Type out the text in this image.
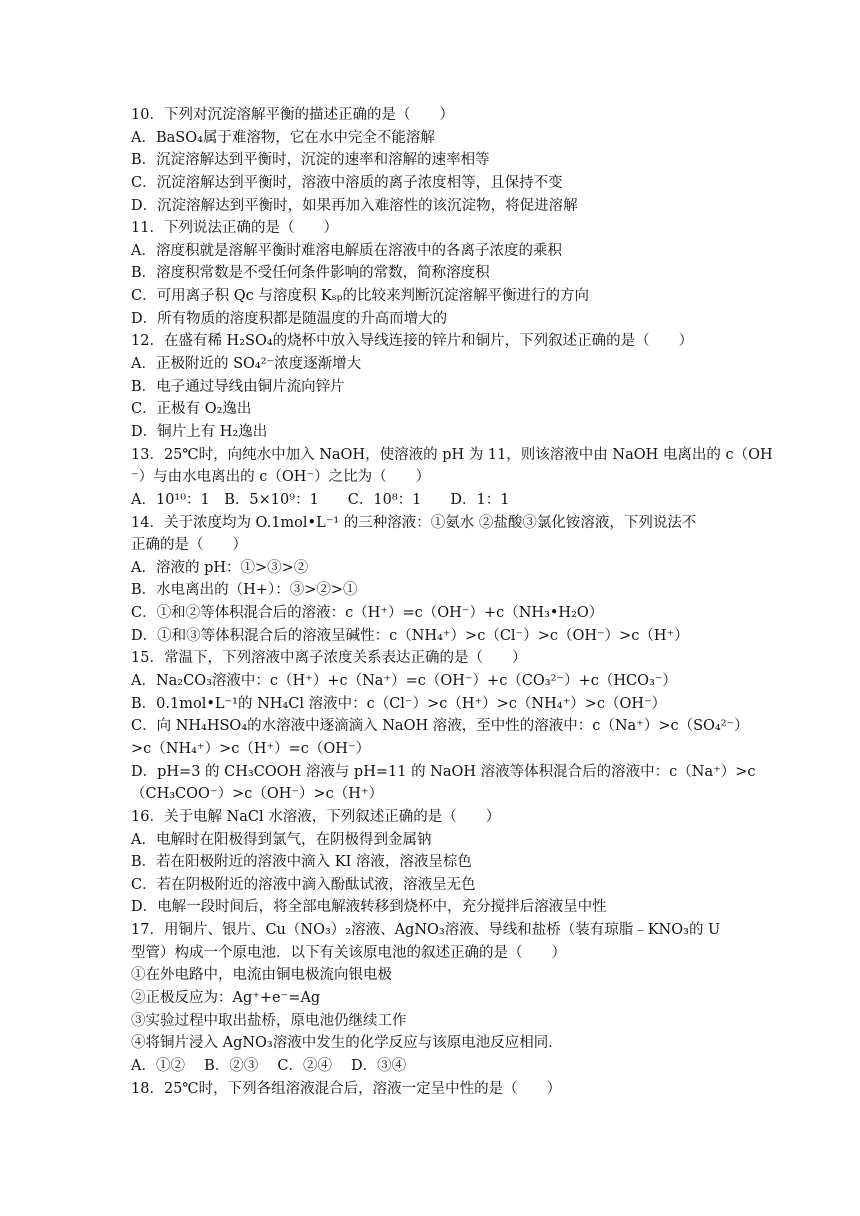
10．下列对沉淀溶解平衡的描述正确的是（　　）
A．BaSO₄属于难溶物，它在水中完全不能溶解
B．沉淀溶解达到平衡时，沉淀的速率和溶解的速率相等
C．沉淀溶解达到平衡时，溶液中溶质的离子浓度相等，且保持不变
D．沉淀溶解达到平衡时，如果再加入难溶性的该沉淀物，将促进溶解
11．下列说法正确的是（　　）
A．溶度积就是溶解平衡时难溶电解质在溶液中的各离子浓度的乘积
B．溶度积常数是不受任何条件影响的常数，简称溶度积
C．可用离子积 Qc 与溶度积 Kₛₚ的比较来判断沉淀溶解平衡进行的方向
D．所有物质的溶度积都是随温度的升高而增大的
12．在盛有稀 H₂SO₄的烧杯中放入导线连接的锌片和铜片，下列叙述正确的是（　　）
A．正极附近的 SO₄²⁻浓度逐渐增大
B．电子通过导线由铜片流向锌片
C．正极有 O₂逸出
D．铜片上有 H₂逸出
13．25℃时，向纯水中加入 NaOH，使溶液的 pH 为 11，则该溶液中由 NaOH 电离出的 c（OH
⁻）与由水电离出的 c（OH⁻）之比为（　　）
A．10¹⁰：1　B．5×10⁹：1　　C．10⁸：1　　D．1：1
14．关于浓度均为 O.1mol•L⁻¹ 的三种溶液：①氨水 ②盐酸③氯化铵溶液，下列说法不
正确的是（　　）
A．溶液的 pH：①>③>②
B．水电离出的（H+）：③>②>①
C．①和②等体积混合后的溶液：c（H⁺）=c（OH⁻）+c（NH₃•H₂O）
D．①和③等体积混合后的溶液呈碱性：c（NH₄⁺）>c（Cl⁻）>c（OH⁻）>c（H⁺）
15．常温下，下列溶液中离子浓度关系表达正确的是（　　）
A．Na₂CO₃溶液中：c（H⁺）+c（Na⁺）=c（OH⁻）+c（CO₃²⁻）+c（HCO₃⁻）
B．0.1mol•L⁻¹的 NH₄Cl 溶液中：c（Cl⁻）>c（H⁺）>c（NH₄⁺）>c（OH⁻）
C．向 NH₄HSO₄的水溶液中逐滴滴入 NaOH 溶液，至中性的溶液中：c（Na⁺）>c（SO₄²⁻）
>c（NH₄⁺）>c（H⁺）=c（OH⁻）
D．pH=3 的 CH₃COOH 溶液与 pH=11 的 NaOH 溶液等体积混合后的溶液中：c（Na⁺）>c
（CH₃COO⁻）>c（OH⁻）>c（H⁺）
16．关于电解 NaCl 水溶液，下列叙述正确的是（　　）
A．电解时在阳极得到氯气，在阴极得到金属钠
B．若在阳极附近的溶液中滴入 KI 溶液，溶液呈棕色
C．若在阴极附近的溶液中滴入酚酞试液，溶液呈无色
D．电解一段时间后，将全部电解液转移到烧杯中，充分搅拌后溶液呈中性
17．用铜片、银片、Cu（NO₃）₂溶液、AgNO₃溶液、导线和盐桥（装有琼脂﹣KNO₃的 U
型管）构成一个原电池．以下有关该原电池的叙述正确的是（　　）
①在外电路中，电流由铜电极流向银电极
②正极反应为：Ag⁺+e⁻=Ag
③实验过程中取出盐桥，原电池仍继续工作
④将铜片浸入 AgNO₃溶液中发生的化学反应与该原电池反应相同．
A．①②　 B．②③　 C．②④　 D．③④
18．25℃时，下列各组溶液混合后，溶液一定呈中性的是（　　）
